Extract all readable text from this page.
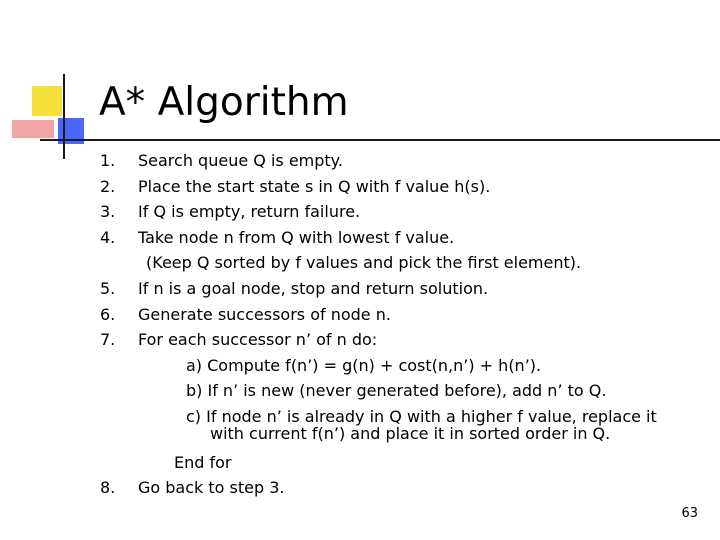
A* Algorithm
1.	Search queue Q is empty.
2.	Place the start state s in Q with f value h(s).
3.	If Q is empty, return failure.
4.	Take node n from Q with lowest f value.
(Keep Q sorted by f values and pick the first element).
5.	If n is a goal node, stop and return solution.
6.	Generate successors of node n.
7.	For each successor n’ of n do:
a) Compute f(n’) = g(n) + cost(n,n’) + h(n’).
b) If n’ is new (never generated before), add n’ to Q.
c) If node n’ is already in Q with a higher f value, replace it
with current f(n’) and place it in sorted order in Q.
End for
8.	Go back to step 3.
63
